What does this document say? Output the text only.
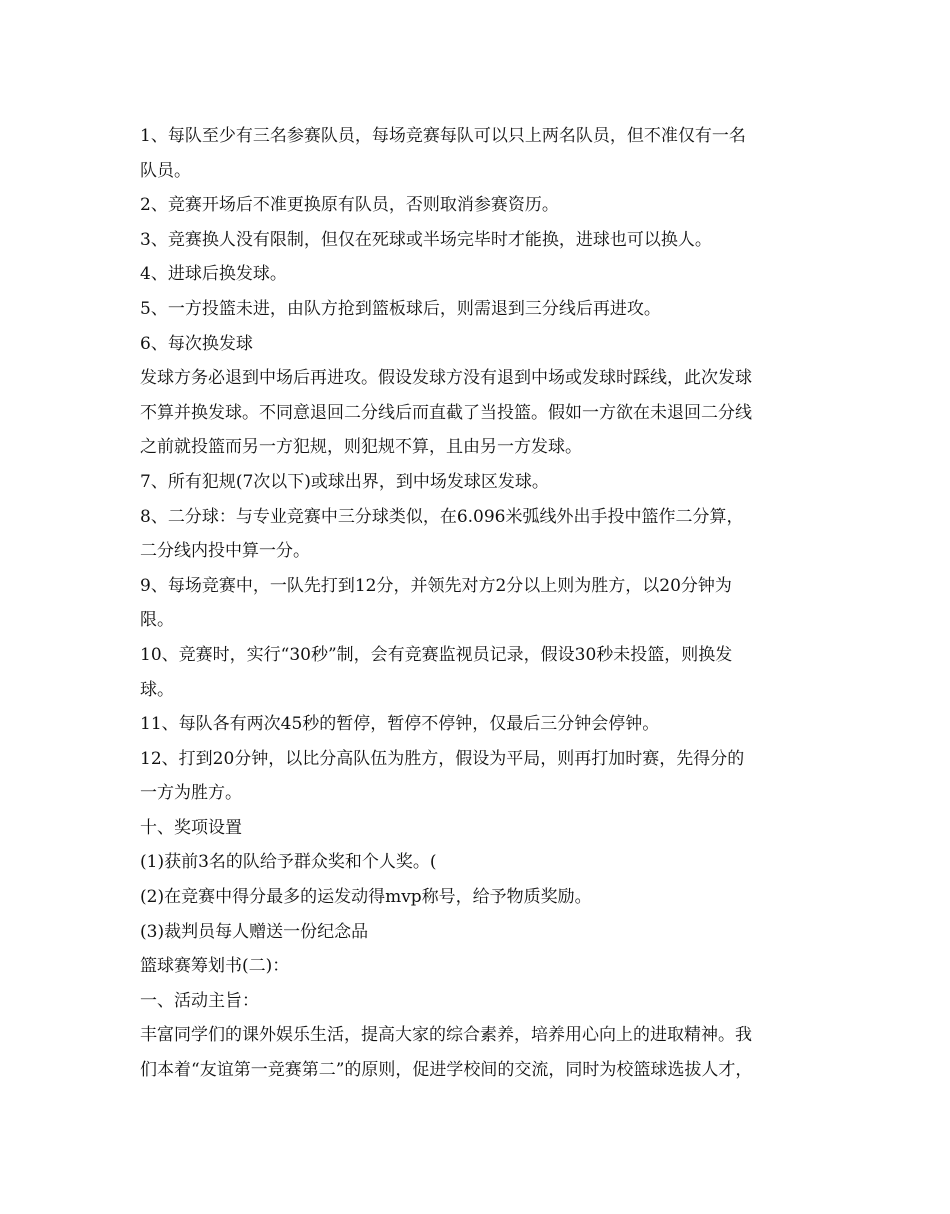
1、每队至少有三名参赛队员，每场竞赛每队可以只上两名队员，但不准仅有一名
队员。
2、竞赛开场后不准更换原有队员，否则取消参赛资历。
3、竞赛换人没有限制，但仅在死球或半场完毕时才能换，进球也可以换人。
4、进球后换发球。
5、一方投篮未进，由队方抢到篮板球后，则需退到三分线后再进攻。
6、每次换发球
发球方务必退到中场后再进攻。假设发球方没有退到中场或发球时踩线，此次发球
不算并换发球。不同意退回二分线后而直截了当投篮。假如一方欲在未退回二分线
之前就投篮而另一方犯规，则犯规不算，且由另一方发球。
7、所有犯规(7次以下)或球出界，到中场发球区发球。
8、二分球：与专业竞赛中三分球类似，在6.096米弧线外出手投中篮作二分算，
二分线内投中算一分。
9、每场竞赛中，一队先打到12分，并领先对方2分以上则为胜方，以20分钟为
限。
10、竞赛时，实行“30秒”制，会有竞赛监视员记录，假设30秒未投篮，则换发
球。
11、每队各有两次45秒的暂停，暂停不停钟，仅最后三分钟会停钟。
12、打到20分钟，以比分高队伍为胜方，假设为平局，则再打加时赛，先得分的
一方为胜方。
十、奖项设置
(1)获前3名的队给予群众奖和个人奖。(
(2)在竞赛中得分最多的运发动得mvp称号，给予物质奖励。
(3)裁判员每人赠送一份纪念品
篮球赛筹划书(二)：
一、活动主旨：
丰富同学们的课外娱乐生活，提高大家的综合素养，培养用心向上的进取精神。我
们本着“友谊第一竞赛第二”的原则，促进学校间的交流，同时为校篮球选拔人才，
